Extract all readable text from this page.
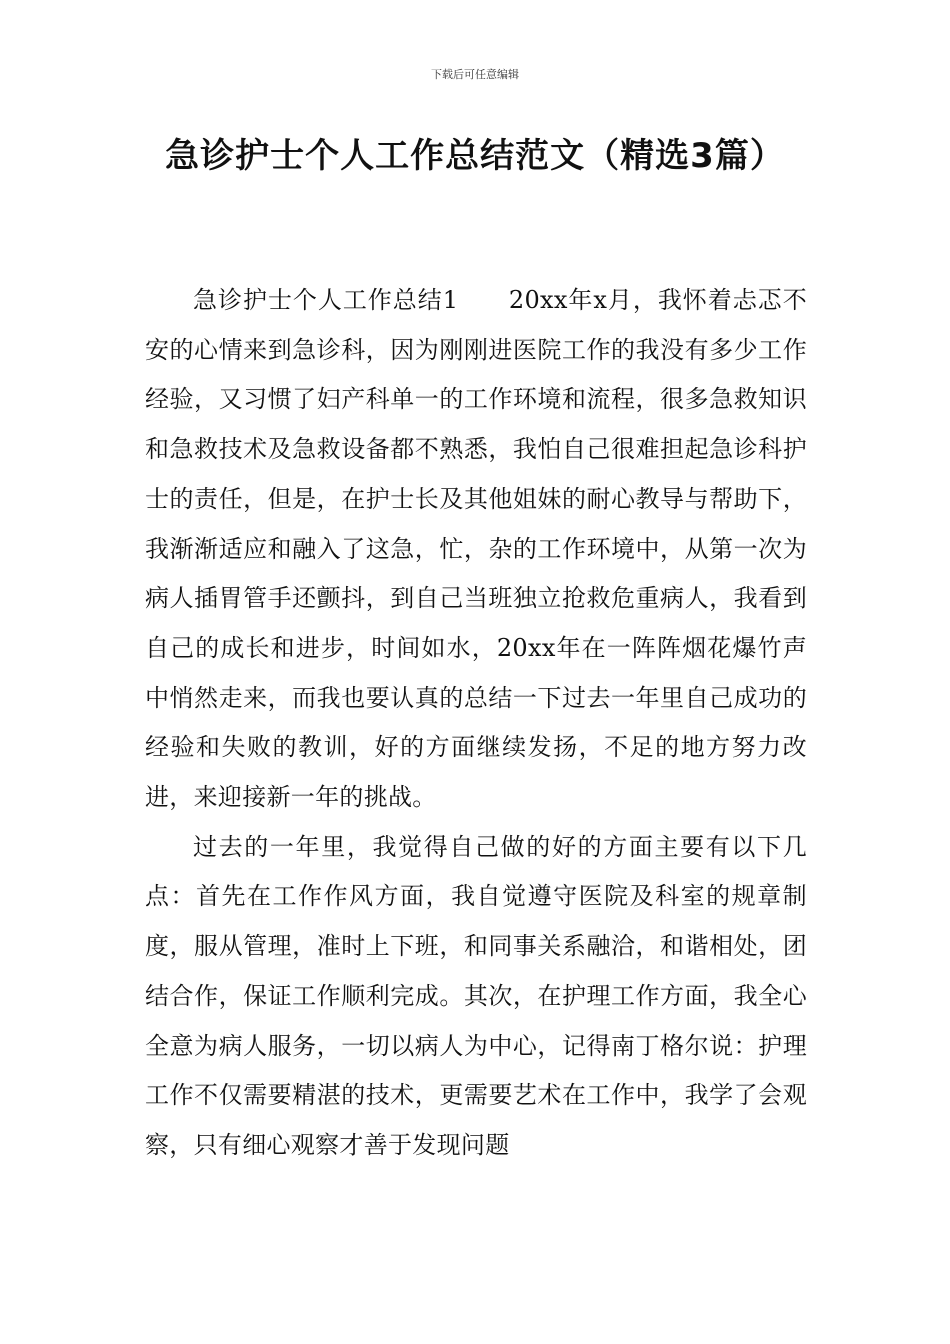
下载后可任意编辑
急诊护士个人工作总结范文（精选3篇）

急诊护士个人工作总结1　　20xx年x月，我怀着忐忑不安的心情来到急诊科，因为刚刚进医院工作的我没有多少工作经验，又习惯了妇产科单一的工作环境和流程，很多急救知识和急救技术及急救设备都不熟悉，我怕自己很难担起急诊科护士的责任，但是，在护士长及其他姐妹的耐心教导与帮助下，我渐渐适应和融入了这急，忙，杂的工作环境中，从第一次为病人插胃管手还颤抖，到自己当班独立抢救危重病人，我看到自己的成长和进步，时间如水，20xx年在一阵阵烟花爆竹声中悄然走来，而我也要认真的总结一下过去一年里自己成功的经验和失败的教训，好的方面继续发扬，不足的地方努力改进，来迎接新一年的挑战。

过去的一年里，我觉得自己做的好的方面主要有以下几点：首先在工作作风方面，我自觉遵守医院及科室的规章制度，服从管理，准时上下班，和同事关系融洽，和谐相处，团结合作，保证工作顺利完成。其次，在护理工作方面，我全心全意为病人服务，一切以病人为中心，记得南丁格尔说：护理工作不仅需要精湛的技术，更需要艺术在工作中，我学了会观察，只有细心观察才善于发现问题
